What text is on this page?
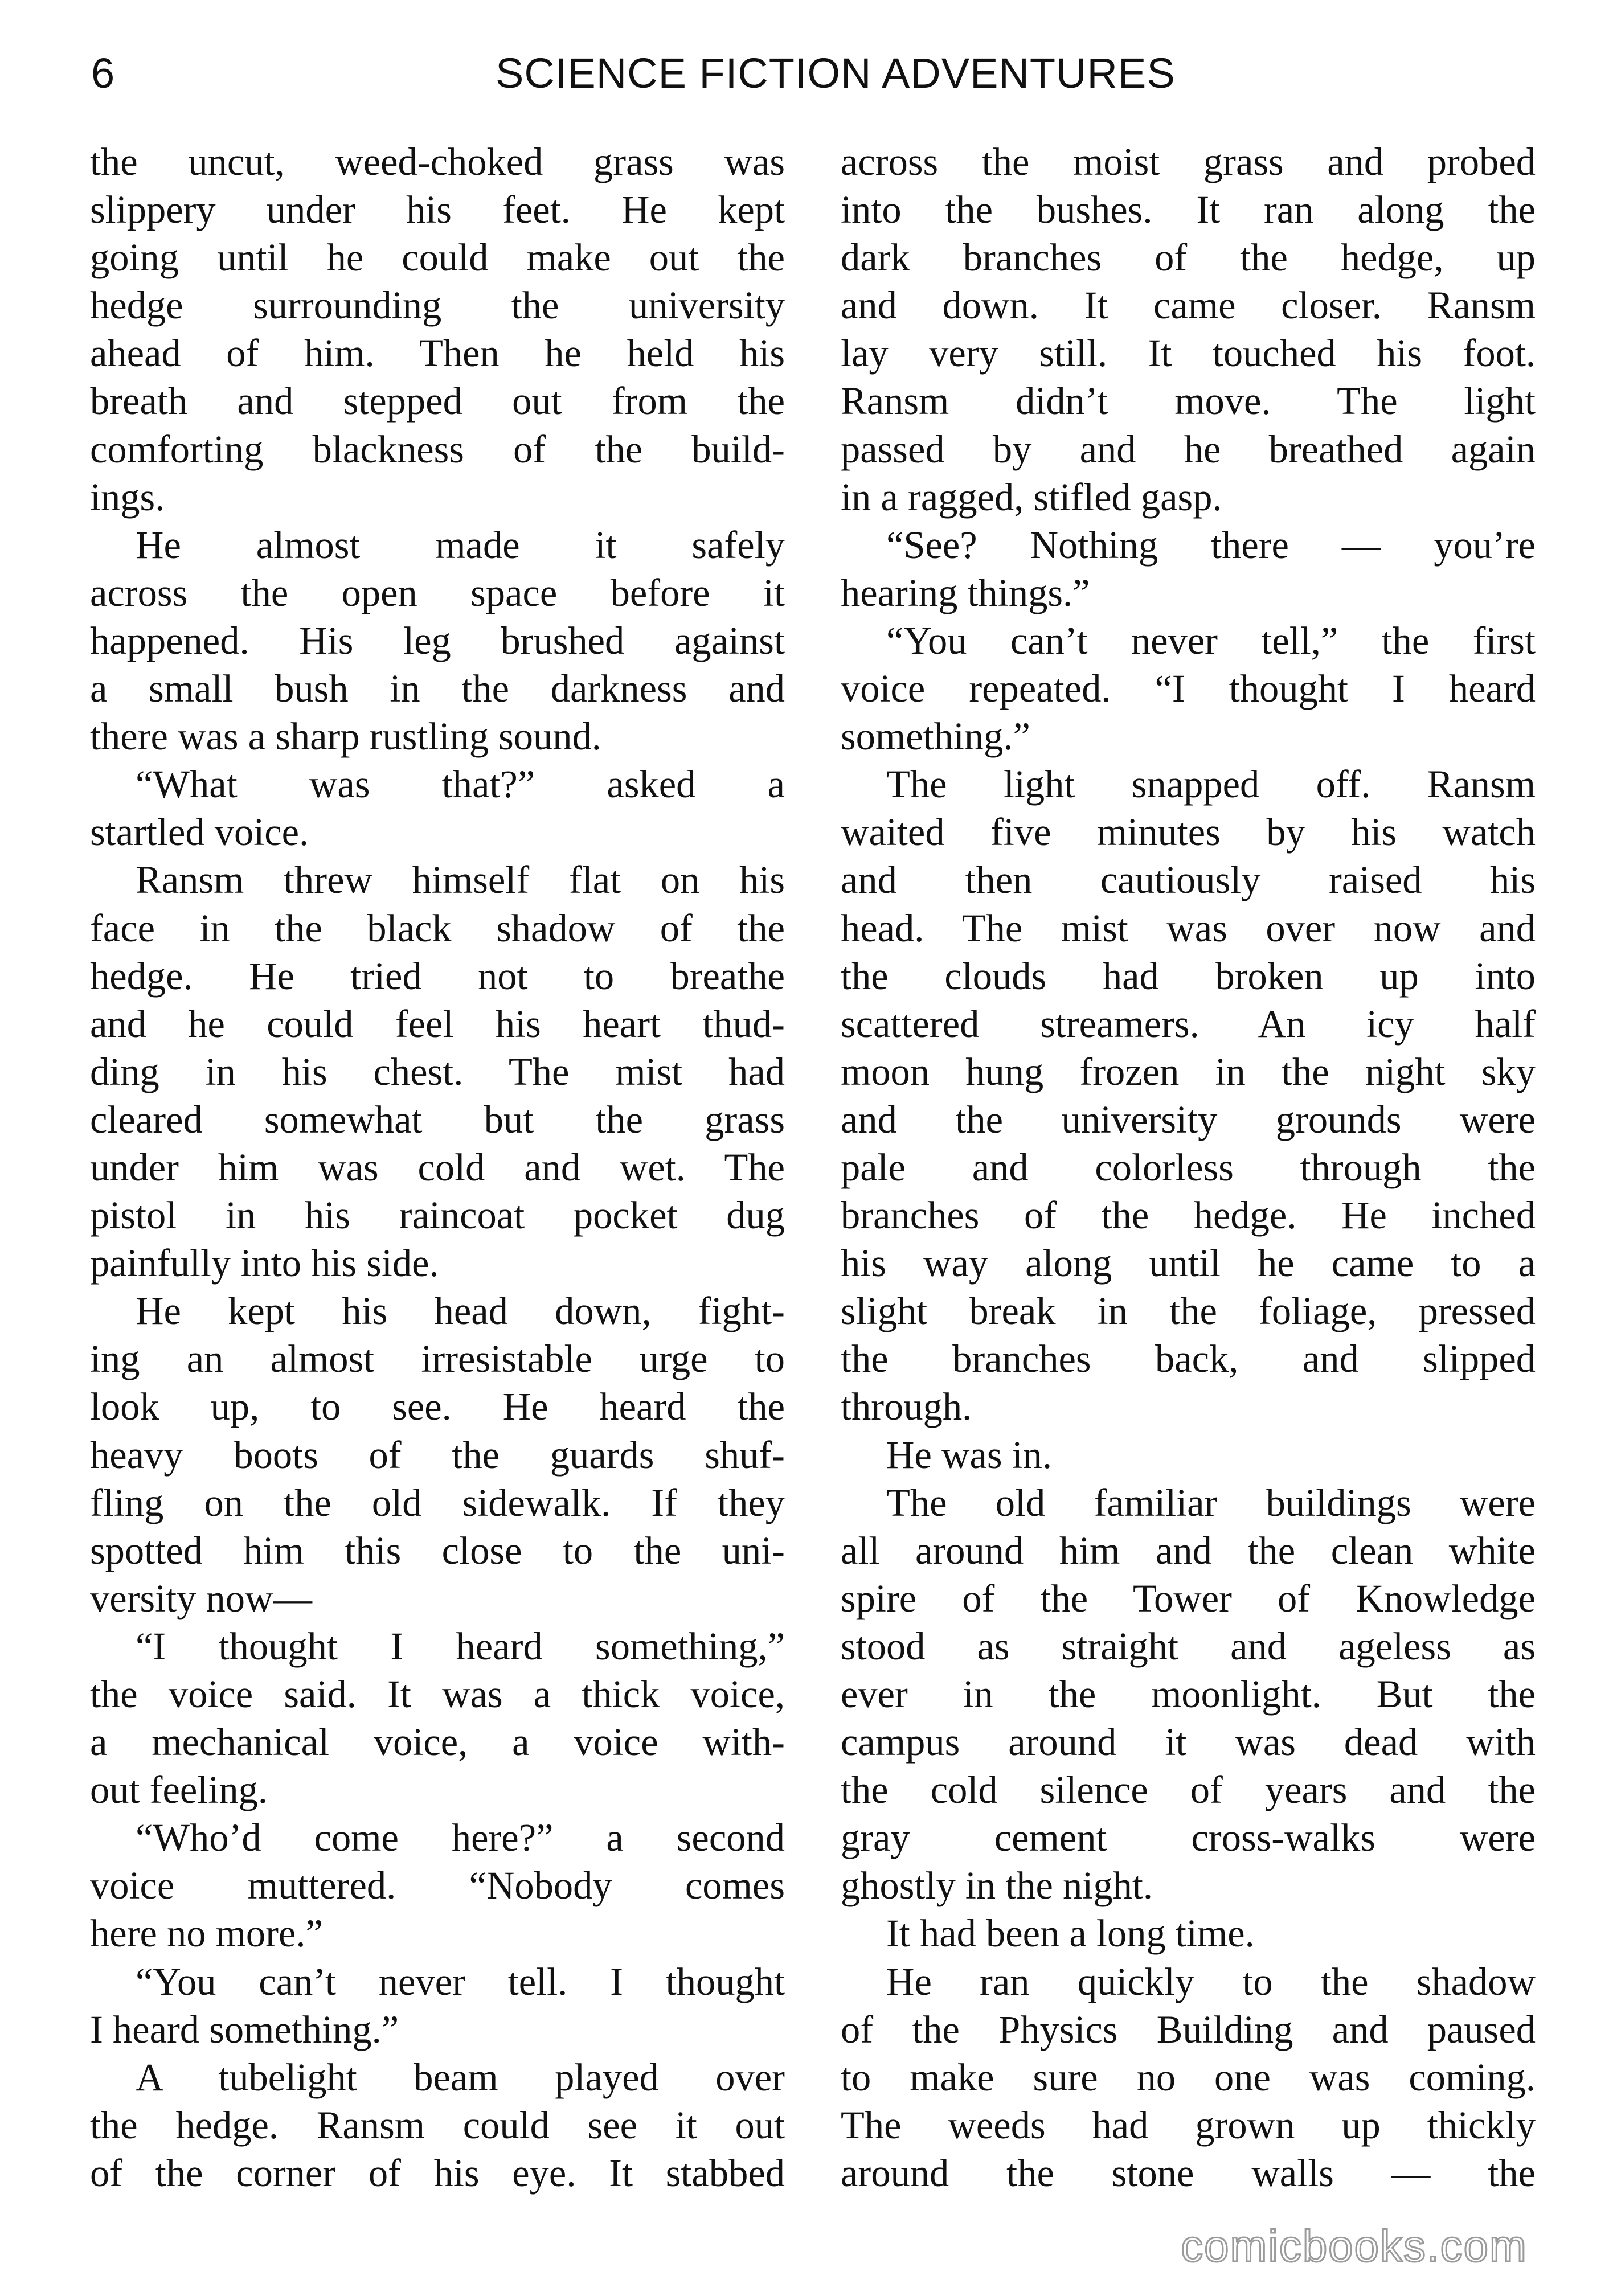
6	SCIENCE FICTION ADVENTURES
the uncut, weed-choked grass was
slippery under his feet. He kept
going until he could make out the
hedge surrounding the university
ahead of him. Then he held his
breath and stepped out from the
comforting blackness of the build-
ings.
He almost made it safely
across the open space before it
happened. His leg brushed against
a small bush in the darkness and
there was a sharp rustling sound.
“What was that?” asked a
startled voice.
Ransm threw himself flat on his
face in the black shadow of the
hedge. He tried not to breathe
and he could feel his heart thud-
ding in his chest. The mist had
cleared somewhat but the grass
under him was cold and wet. The
pistol in his raincoat pocket dug
painfully into his side.
He kept his head down, fight-
ing an almost irresistable urge to
look up, to see. He heard the
heavy boots of the guards shuf-
fling on the old sidewalk. If they
spotted him this close to the uni-
versity now—
“I thought I heard something,”
the voice said. It was a thick voice,
a mechanical voice, a voice with-
out feeling.
“Who’d come here?” a second
voice muttered. “Nobody comes
here no more.”
“You can’t never tell. I thought
I heard something.”
A tubelight beam played over
the hedge. Ransm could see it out
of the corner of his eye. It stabbed
across the moist grass and probed
into the bushes. It ran along the
dark branches of the hedge, up
and down. It came closer. Ransm
lay very still. It touched his foot.
Ransm didn’t move. The light
passed by and he breathed again
in a ragged, stifled gasp.
“See? Nothing there — you’re
hearing things.”
“You can’t never tell,” the first
voice repeated. “I thought I heard
something.”
The light snapped off. Ransm
waited five minutes by his watch
and then cautiously raised his
head. The mist was over now and
the clouds had broken up into
scattered streamers. An icy half
moon hung frozen in the night sky
and the university grounds were
pale and colorless through the
branches of the hedge. He inched
his way along until he came to a
slight break in the foliage, pressed
the branches back, and slipped
through.
He was in.
The old familiar buildings were
all around him and the clean white
spire of the Tower of Knowledge
stood as straight and ageless as
ever in the moonlight. But the
campus around it was dead with
the cold silence of years and the
gray cement cross-walks were
ghostly in the night.
It had been a long time.
He ran quickly to the shadow
of the Physics Building and paused
to make sure no one was coming.
The weeds had grown up thickly
around the stone walls — the
comicbooks.com
